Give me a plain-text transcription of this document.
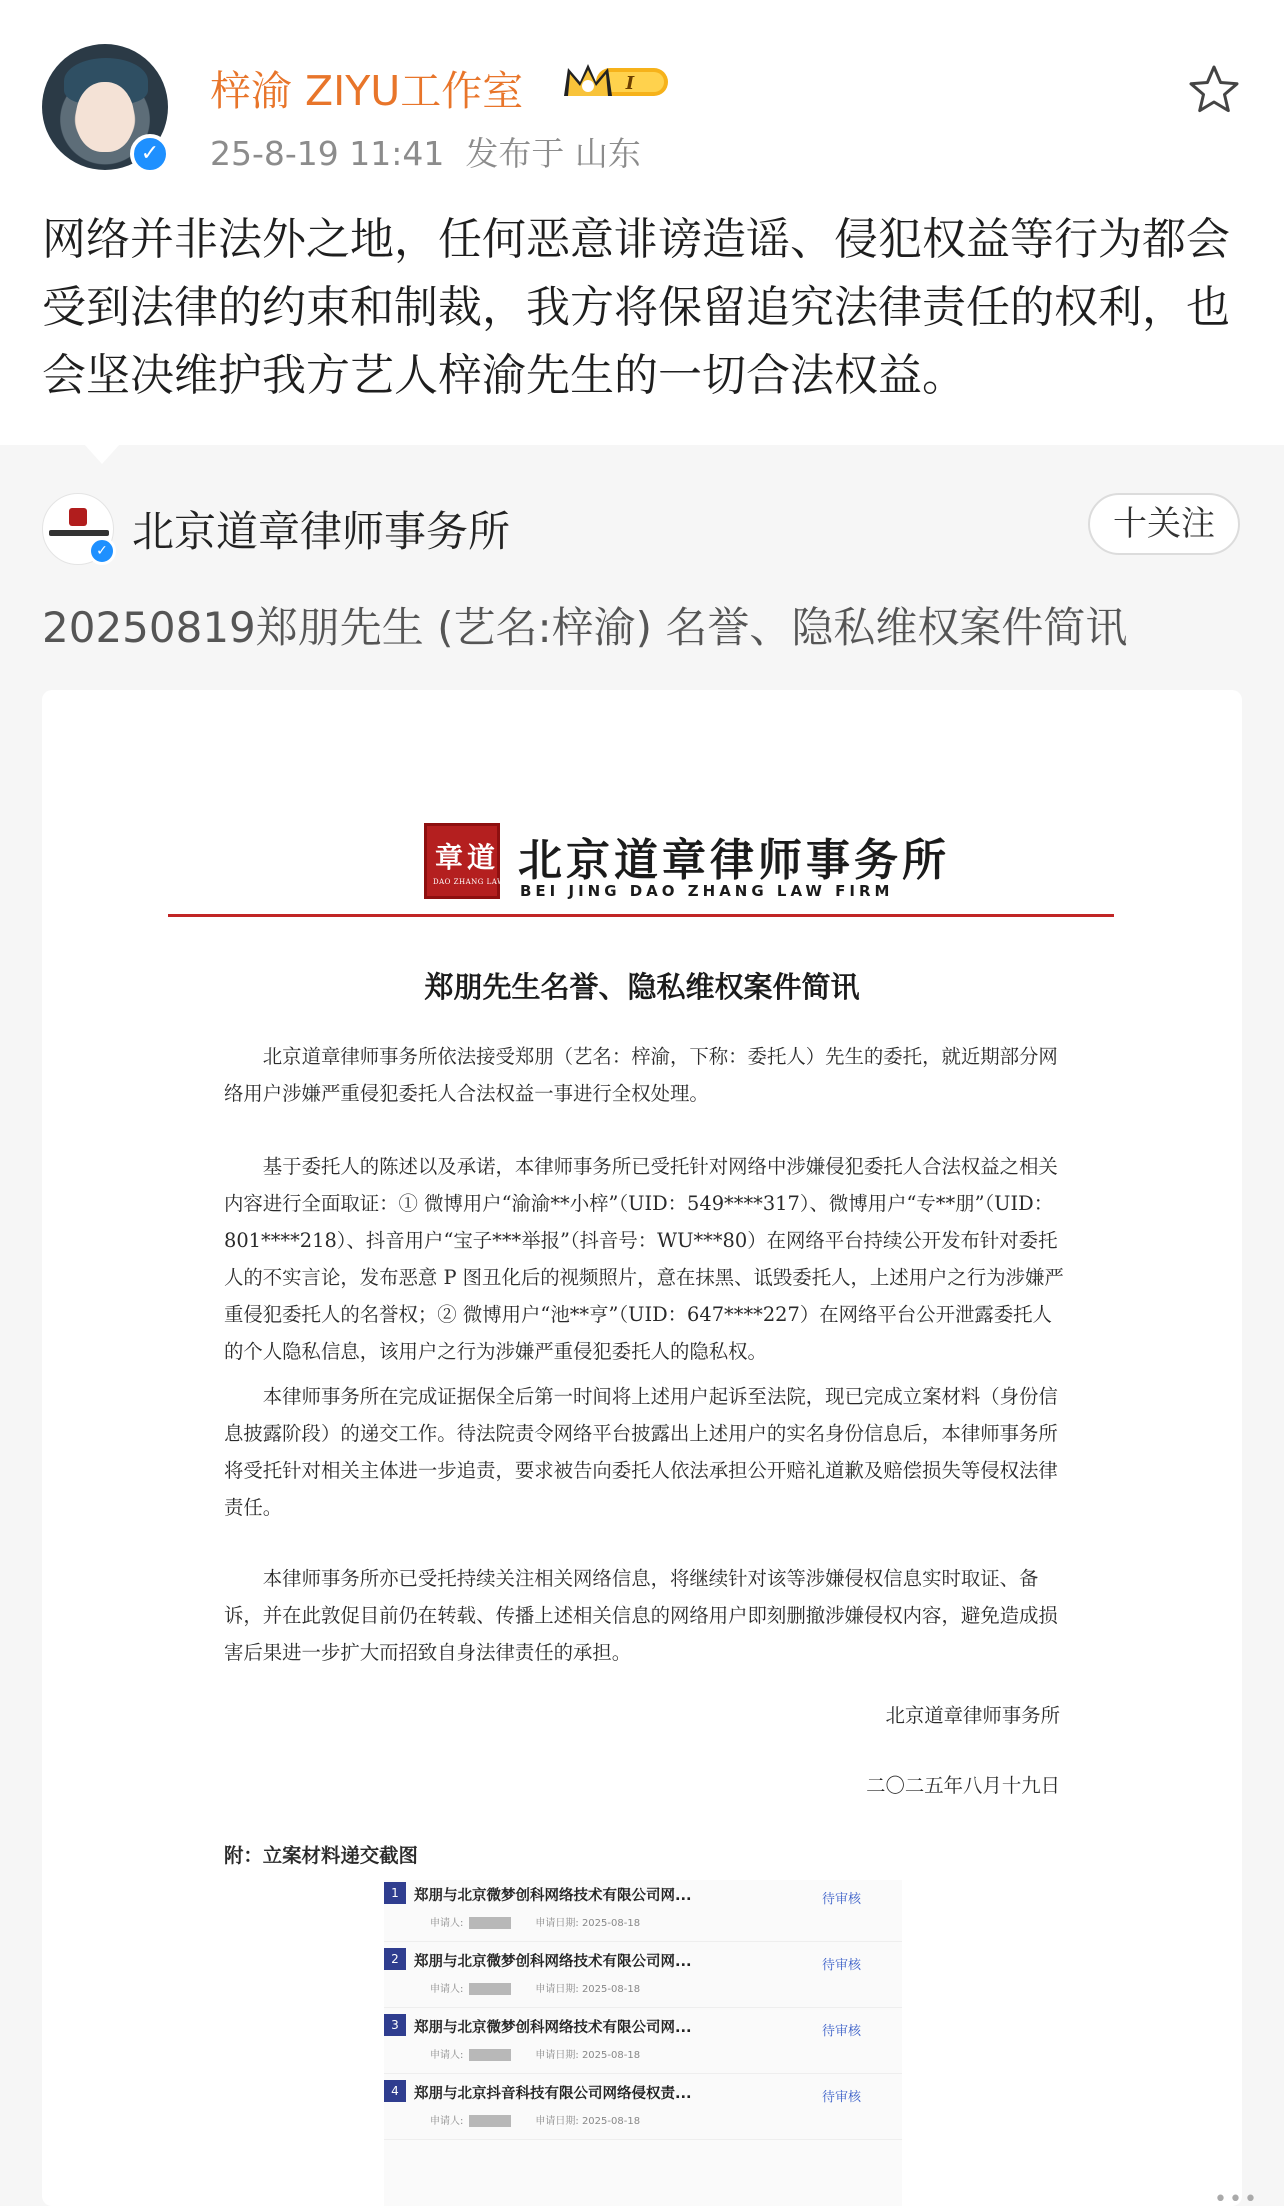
✓
梓渝 ZIYU工作室	I
25-8-19 11:41 发布于 山东
网络并非法外之地，任何恶意诽谤造谣、侵犯权益等行为都会受到法律的约束和制裁，我方将保留追究法律责任的权利，也会坚决维护我方艺人梓渝先生的一切合法权益。
✓ 北京道章律师事务所	十关注
20250819郑朋先生 (艺名:梓渝) 名誉、隐私维权案件简讯
章 道
DAO ZHANG LAW FIRM
北京道章律师事务所
BEI JING DAO ZHANG LAW FIRM
郑朋先生名誉、隐私维权案件简讯
北京道章律师事务所依法接受郑朋（艺名：梓渝，下称：委托人）先生的委托，就近期部分网络用户涉嫌严重侵犯委托人合法权益一事进行全权处理。
基于委托人的陈述以及承诺，本律师事务所已受托针对网络中涉嫌侵犯委托人合法权益之相关内容进行全面取证：① 微博用户“渝渝**小梓”（UID：549****317）、微博用户“专**朋”（UID：801****218）、抖音用户“宝子***举报”（抖音号：WU***80）在网络平台持续公开发布针对委托人的不实言论，发布恶意 P 图丑化后的视频照片，意在抹黑、诋毁委托人，上述用户之行为涉嫌严重侵犯委托人的名誉权；② 微博用户“池**亨”（UID：647****227）在网络平台公开泄露委托人的个人隐私信息，该用户之行为涉嫌严重侵犯委托人的隐私权。
本律师事务所在完成证据保全后第一时间将上述用户起诉至法院，现已完成立案材料（身份信息披露阶段）的递交工作。待法院责令网络平台披露出上述用户的实名身份信息后，本律师事务所将受托针对相关主体进一步追责，要求被告向委托人依法承担公开赔礼道歉及赔偿损失等侵权法律责任。
本律师事务所亦已受托持续关注相关网络信息，将继续针对该等涉嫌侵权信息实时取证、备诉，并在此敦促目前仍在转载、传播上述相关信息的网络用户即刻删撤涉嫌侵权内容，避免造成损害后果进一步扩大而招致自身法律责任的承担。
北京道章律师事务所
二〇二五年八月十九日
附：立案材料递交截图
1	郑朋与北京微梦创科网络技术有限公司网...
申请人:	申请日期: 2025-08-18
待审核
2	郑朋与北京微梦创科网络技术有限公司网...
申请人:	申请日期: 2025-08-18
待审核
3	郑朋与北京微梦创科网络技术有限公司网...
申请人:	申请日期: 2025-08-18
待审核
4	郑朋与北京抖音科技有限公司网络侵权责...
申请人:	申请日期: 2025-08-18
待审核
•••
